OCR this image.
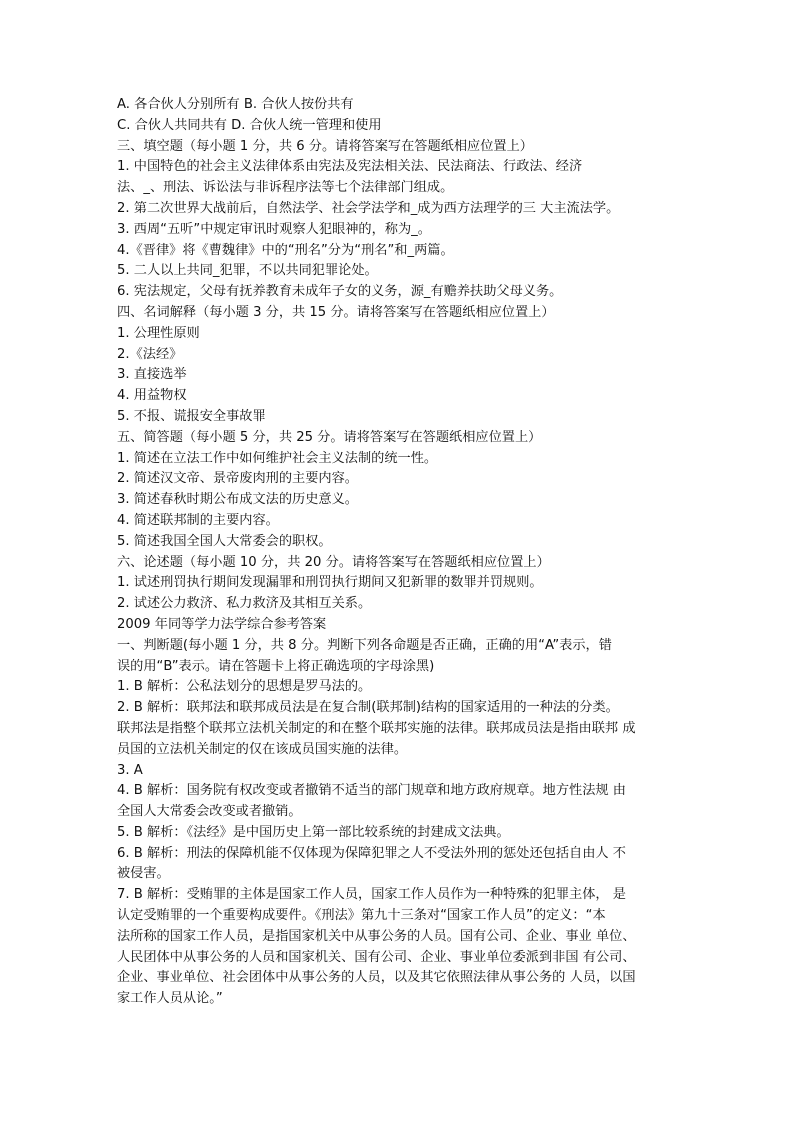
A. 各合伙人分别所有 B. 合伙人按份共有
C. 合伙人共同共有 D. 合伙人统一管理和使用
三、填空题（每小题 1 分，共 6 分。请将答案写在答题纸相应位置上）
1. 中国特色的社会主义法律体系由宪法及宪法相关法、民法商法、行政法、经济
法、_、刑法、诉讼法与非诉程序法等七个法律部门组成。
2. 第二次世界大战前后，自然法学、社会学法学和_成为西方法理学的三 大主流法学。
3. 西周“五听”中规定审讯时观察人犯眼神的，称为_。
4.《晋律》将《曹魏律》中的“刑名”分为“刑名”和_两篇。
5. 二人以上共同_犯罪，不以共同犯罪论处。
6. 宪法规定，父母有抚养教育未成年子女的义务，源_有赡养扶助父母义务。
四、名词解释（每小题 3 分，共 15 分。请将答案写在答题纸相应位置上）
1. 公理性原则
2.《法经》
3. 直接选举
4. 用益物权
5. 不报、谎报安全事故罪
五、简答题（每小题 5 分，共 25 分。请将答案写在答题纸相应位置上）
1. 简述在立法工作中如何维护社会主义法制的统一性。
2. 简述汉文帝、景帝废肉刑的主要内容。
3. 简述春秋时期公布成文法的历史意义。
4. 简述联邦制的主要内容。
5. 简述我国全国人大常委会的职权。
六、论述题（每小题 10 分，共 20 分。请将答案写在答题纸相应位置上）
1. 试述刑罚执行期间发现漏罪和刑罚执行期间又犯新罪的数罪并罚规则。
2. 试述公力救济、私力救济及其相互关系。
2009 年同等学力法学综合参考答案
一、判断题(每小题 1 分，共 8 分。判断下列各命题是否正确，正确的用“A”表示，错
误的用“B”表示。请在答题卡上将正确选项的字母涂黑)
1. B 解析：公私法划分的思想是罗马法的。
2. B 解析：联邦法和联邦成员法是在复合制(联邦制)结构的国家适用的一种法的分类。
联邦法是指整个联邦立法机关制定的和在整个联邦实施的法律。联邦成员法是指由联邦 成
员国的立法机关制定的仅在该成员国实施的法律。
3. A
4. B 解析：国务院有权改变或者撤销不适当的部门规章和地方政府规章。地方性法规 由
全国人大常委会改变或者撤销。
5. B 解析：《法经》是中国历史上第一部比较系统的封建成文法典。
6. B 解析：刑法的保障机能不仅体现为保障犯罪之人不受法外刑的惩处还包括自由人 不
被侵害。
7. B 解析：受贿罪的主体是国家工作人员，国家工作人员作为一种特殊的犯罪主体， 是
认定受贿罪的一个重要构成要件。《刑法》第九十三条对“国家工作人员”的定义：“本
法所称的国家工作人员，是指国家机关中从事公务的人员。国有公司、企业、事业 单位、
人民团体中从事公务的人员和国家机关、国有公司、企业、事业单位委派到非国 有公司、
企业、事业单位、社会团体中从事公务的人员，以及其它依照法律从事公务的 人员，以国
家工作人员从论。”
